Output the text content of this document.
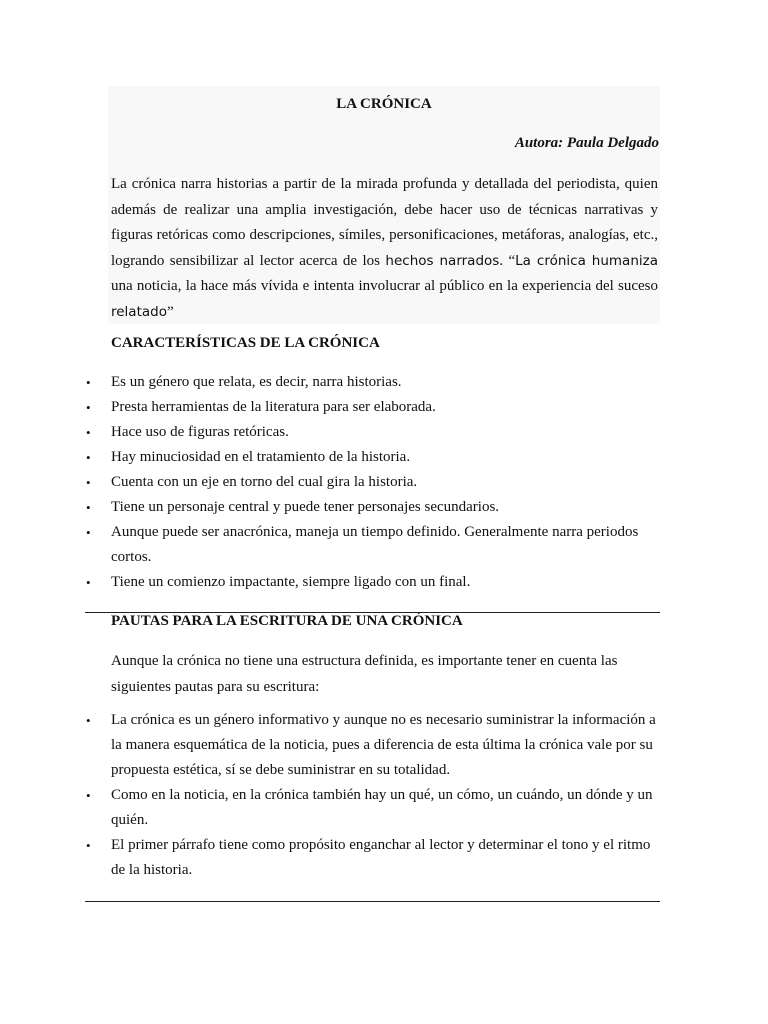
LA CRÓNICA
Autora: Paula Delgado

La crónica narra historias a partir de la mirada profunda y detallada del periodista, quien además de realizar una amplia investigación, debe hacer uso de técnicas narrativas y figuras retóricas como descripciones, símiles, personificaciones, metáforas, analogías, etc., logrando sensibilizar al lector acerca de los hechos narrados. “La crónica humaniza una noticia, la hace más vívida e intenta involucrar al público en la experiencia del suceso relatado”

CARACTERÍSTICAS DE LA CRÓNICA
• Es un género que relata, es decir, narra historias.
• Presta herramientas de la literatura para ser elaborada.
• Hace uso de figuras retóricas.
• Hay minuciosidad en el tratamiento de la historia.
• Cuenta con un eje en torno del cual gira la historia.
• Tiene un personaje central y puede tener personajes secundarios.
• Aunque puede ser anacrónica, maneja un tiempo definido. Generalmente narra periodos cortos.
• Tiene un comienzo impactante, siempre ligado con un final.
PAUTAS PARA LA ESCRITURA DE UNA CRÓNICA

Aunque la crónica no tiene una estructura definida, es importante tener en cuenta las siguientes pautas para su escritura:

• La crónica es un género informativo y aunque no es necesario suministrar la información a la manera esquemática de la noticia, pues a diferencia de esta última la crónica vale por su propuesta estética, sí se debe suministrar en su totalidad.
• Como en la noticia, en la crónica también hay un qué, un cómo, un cuándo, un dónde y un quién.
• El primer párrafo tiene como propósito enganchar al lector y determinar el tono y el ritmo de la historia.
